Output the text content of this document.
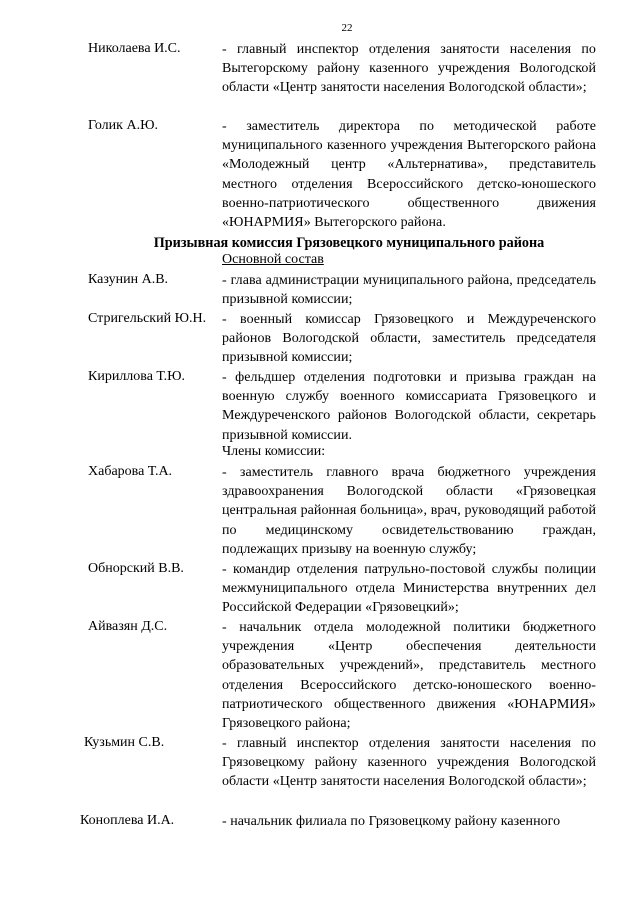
22
Николаева И.С.	- главный инспектор отделения занятости населения по Вытегорскому району казенного учреждения Вологодской области «Центр занятости населения Вологодской области»;
Голик А.Ю.	- заместитель директора по методической работе муниципального казенного учреждения Вытегорского района «Молодежный центр «Альтернатива», представитель местного отделения Всероссийского детско-юношеского военно-патриотического общественного движения «ЮНАРМИЯ» Вытегорского района.
Призывная комиссия Грязовецкого муниципального района
Основной состав
Казунин А.В.	- глава администрации муниципального района, председатель призывной комиссии;
Стригельский Ю.Н. - военный комиссар Грязовецкого и Междуреченского районов Вологодской области, заместитель председателя призывной комиссии;
Кириллова Т.Ю.	- фельдшер отделения подготовки и призыва граждан на военную службу военного комиссариата Грязовецкого и Междуреченского районов Вологодской области, секретарь призывной комиссии.
Члены комиссии:
Хабарова Т.А.	- заместитель главного врача бюджетного учреждения здравоохранения Вологодской области «Грязовецкая центральная районная больница», врач, руководящий работой по медицинскому освидетельствованию граждан, подлежащих призыву на военную службу;
Обнорский В.В.	- командир отделения патрульно-постовой службы полиции межмуниципального отдела Министерства внутренних дел Российской Федерации «Грязовецкий»;
Айвазян Д.С.	- начальник отдела молодежной политики бюджетного учреждения «Центр обеспечения деятельности образовательных учреждений», представитель местного отделения Всероссийского детско-юношеского военно-патриотического общественного движения «ЮНАРМИЯ» Грязовецкого района;
Кузьмин С.В.	- главный инспектор отделения занятости населения по Грязовецкому району казенного учреждения Вологодской области «Центр занятости населения Вологодской области»;
Коноплева И.А.	- начальник филиала по Грязовецкому району казенного
